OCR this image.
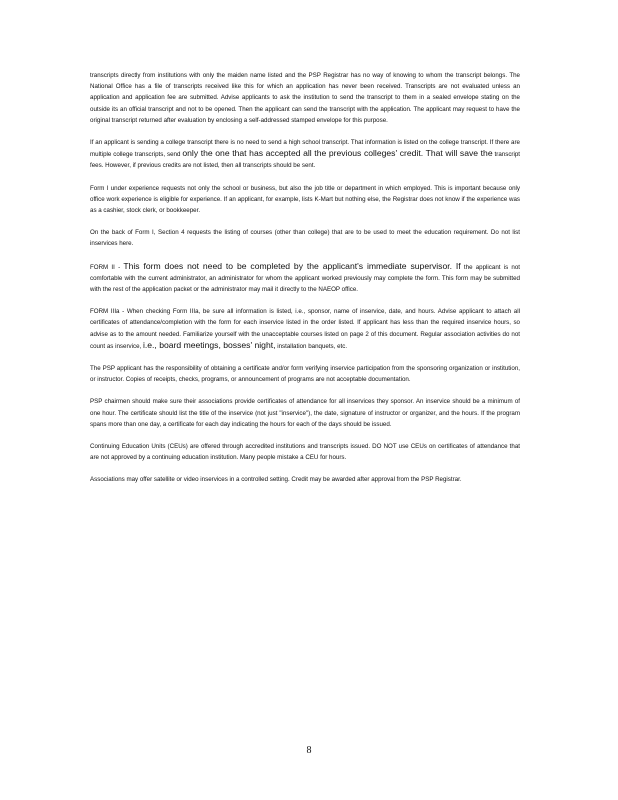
transcripts directly from institutions with only the maiden name listed and the PSP Registrar has no way of knowing to whom the transcript belongs. The National Office has a file of transcripts received like this for which an application has never been received. Transcripts are not evaluated unless an application and application fee are submitted. Advise applicants to ask the institution to send the transcript to them in a sealed envelope stating on the outside its an official transcript and not to be opened. Then the applicant can send the transcript with the application. The applicant may request to have the original transcript returned after evaluation by enclosing a self-addressed stamped envelope for this purpose.

If an applicant is sending a college transcript there is no need to send a high school transcript. That information is listed on the college transcript. If there are multiple college transcripts, send only the one that has accepted all the previous colleges' credit. That will save the transcript fees. However, if previous credits are not listed, then all transcripts should be sent.

Form I under experience requests not only the school or business, but also the job title or department in which employed. This is important because only office work experience is eligible for experience. If an applicant, for example, lists K-Mart but nothing else, the Registrar does not know if the experience was as a cashier, stock clerk, or bookkeeper.

On the back of Form I, Section 4 requests the listing of courses (other than college) that are to be used to meet the education requirement. Do not list inservices here.

FORM II - This form does not need to be completed by the applicant's immediate supervisor. If the applicant is not comfortable with the current administrator, an administrator for whom the applicant worked previously may complete the form. This form may be submitted with the rest of the application packet or the administrator may mail it directly to the NAEOP office.

FORM IIIa - When checking Form IIIa, be sure all information is listed, i.e., sponsor, name of inservice, date, and hours. Advise applicant to attach all certificates of attendance/completion with the form for each inservice listed in the order listed. If applicant has less than the required inservice hours, so advise as to the amount needed. Familiarize yourself with the unacceptable courses listed on page 2 of this document. Regular association activities do not count as inservice, i.e., board meetings, bosses' night, installation banquets, etc.

The PSP applicant has the responsibility of obtaining a certificate and/or form verifying inservice participation from the sponsoring organization or institution, or instructor. Copies of receipts, checks, programs, or announcement of programs are not acceptable documentation.

PSP chairmen should make sure their associations provide certificates of attendance for all inservices they sponsor. An inservice should be a minimum of one hour. The certificate should list the title of the inservice (not just "inservice"), the date, signature of instructor or organizer, and the hours. If the program spans more than one day, a certificate for each day indicating the hours for each of the days should be issued.

Continuing Education Units (CEUs) are offered through accredited institutions and transcripts issued. DO NOT use CEUs on certificates of attendance that are not approved by a continuing education institution. Many people mistake a CEU for hours.

Associations may offer satellite or video inservices in a controlled setting. Credit may be awarded after approval from the PSP Registrar.

8
